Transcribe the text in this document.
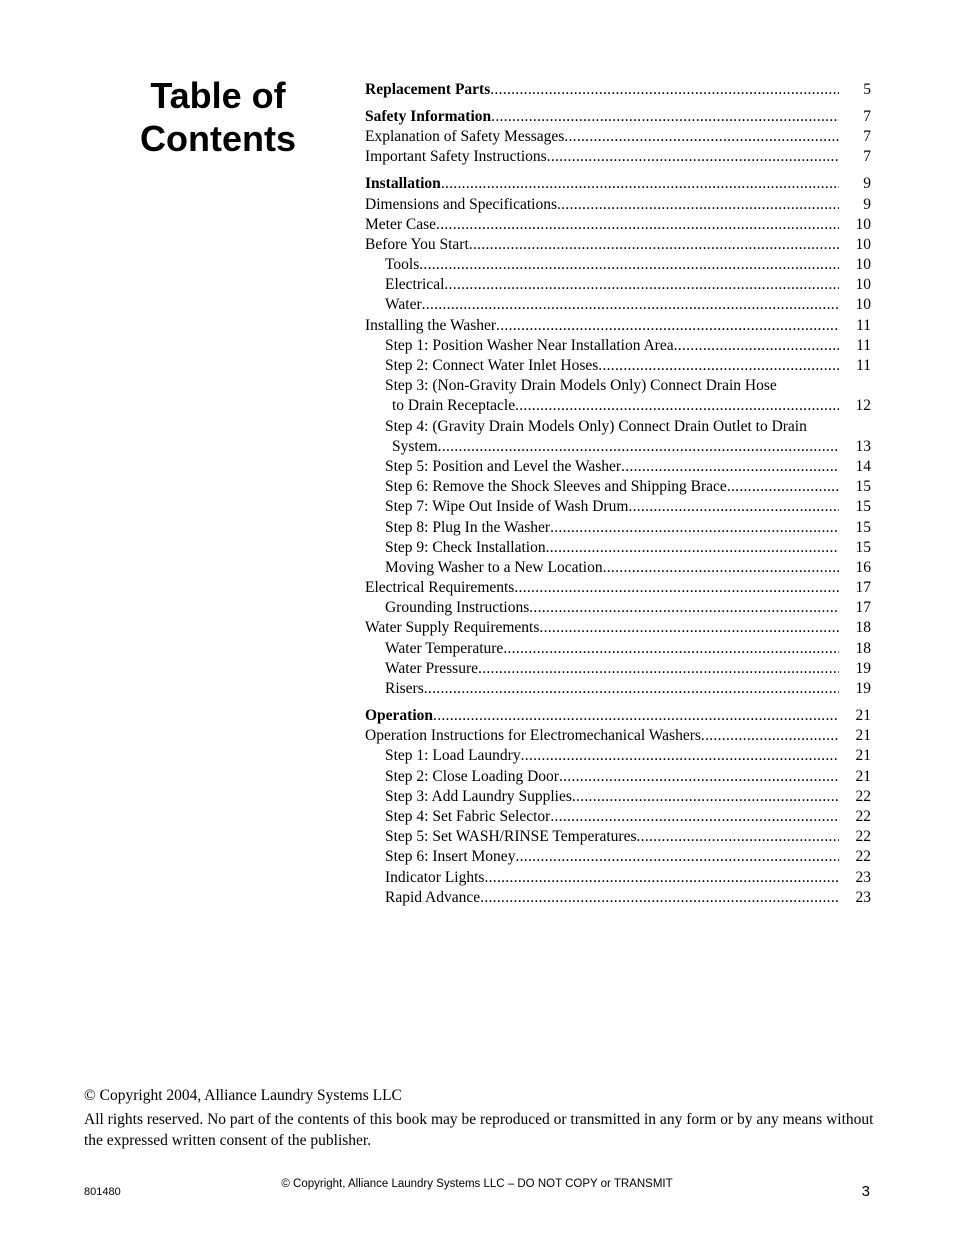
Table of
Contents
Replacement Parts .....	5
Safety Information .....	7
Explanation of Safety Messages .....	7
Important Safety Instructions .....	7
Installation .....	9
Dimensions and Specifications .....	9
Meter Case .....	10
Before You Start .....	10
Tools .....	10
Electrical .....	10
Water .....	10
Installing the Washer .....	11
Step 1: Position Washer Near Installation Area .....	11
Step 2: Connect Water Inlet Hoses .....	11
Step 3: (Non-Gravity Drain Models Only) Connect Drain Hose
to Drain Receptacle .....	12
Step 4: (Gravity Drain Models Only) Connect Drain Outlet to Drain
System .....	13
Step 5: Position and Level the Washer .....	14
Step 6: Remove the Shock Sleeves and Shipping Brace .....	15
Step 7: Wipe Out Inside of Wash Drum .....	15
Step 8: Plug In the Washer .....	15
Step 9: Check Installation .....	15
Moving Washer to a New Location .....	16
Electrical Requirements .....	17
Grounding Instructions .....	17
Water Supply Requirements .....	18
Water Temperature .....	18
Water Pressure .....	19
Risers .....	19
Operation .....	21
Operation Instructions for Electromechanical Washers .....	21
Step 1: Load Laundry .....	21
Step 2: Close Loading Door .....	21
Step 3: Add Laundry Supplies .....	22
Step 4: Set Fabric Selector .....	22
Step 5: Set WASH/RINSE Temperatures .....	22
Step 6: Insert Money .....	22
Indicator Lights .....	23
Rapid Advance .....	23

© Copyright 2004, Alliance Laundry Systems LLC

All rights reserved. No part of the contents of this book may be reproduced or transmitted in any form or by any means without the expressed written consent of the publisher.

801480
© Copyright, Alliance Laundry Systems LLC – DO NOT COPY or TRANSMIT	3
